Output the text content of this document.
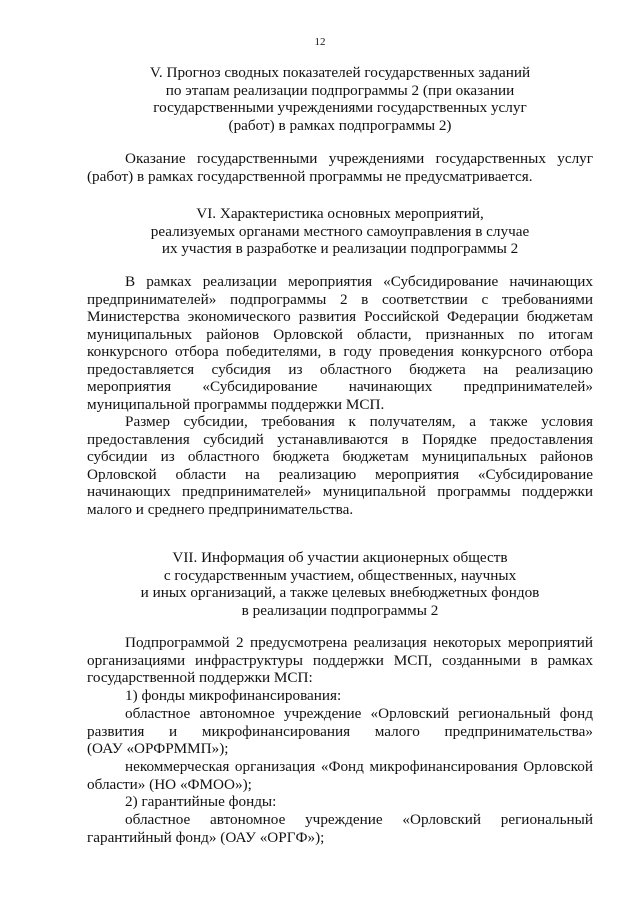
12
V. Прогноз сводных показателей государственных заданий
по этапам реализации подпрограммы 2 (при оказании
государственными учреждениями государственных услуг
(работ) в рамках подпрограммы 2)
Оказание государственными учреждениями государственных услуг
(работ) в рамках государственной программы не предусматривается.
VI. Характеристика основных мероприятий,
реализуемых органами местного самоуправления в случае
их участия в разработке и реализации подпрограммы 2
В рамках реализации мероприятия «Субсидирование начинающих
предпринимателей» подпрограммы 2 в соответствии с требованиями
Министерства экономического развития Российской Федерации бюджетам
муниципальных районов Орловской области, признанных по итогам
конкурсного отбора победителями, в году проведения конкурсного отбора
предоставляется субсидия из областного бюджета на реализацию
мероприятия «Субсидирование начинающих предпринимателей»
муниципальной программы поддержки МСП.
Размер субсидии, требования к получателям, а также условия
предоставления субсидий устанавливаются в Порядке предоставления
субсидии из областного бюджета бюджетам муниципальных районов
Орловской области на реализацию мероприятия «Субсидирование
начинающих предпринимателей» муниципальной программы поддержки
малого и среднего предпринимательства.
VII. Информация об участии акционерных обществ
с государственным участием, общественных, научных
и иных организаций, а также целевых внебюджетных фондов
в реализации подпрограммы 2
Подпрограммой 2 предусмотрена реализация некоторых мероприятий
организациями инфраструктуры поддержки МСП, созданными в рамках
государственной поддержки МСП:
1) фонды микрофинансирования:
областное автономное учреждение «Орловский региональный фонд
развития и микрофинансирования малого предпринимательства»
(ОАУ «ОРФРММП»);
некоммерческая организация «Фонд микрофинансирования Орловской
области» (НО «ФМОО»);
2) гарантийные фонды:
областное автономное учреждение «Орловский региональный
гарантийный фонд» (ОАУ «ОРГФ»);
